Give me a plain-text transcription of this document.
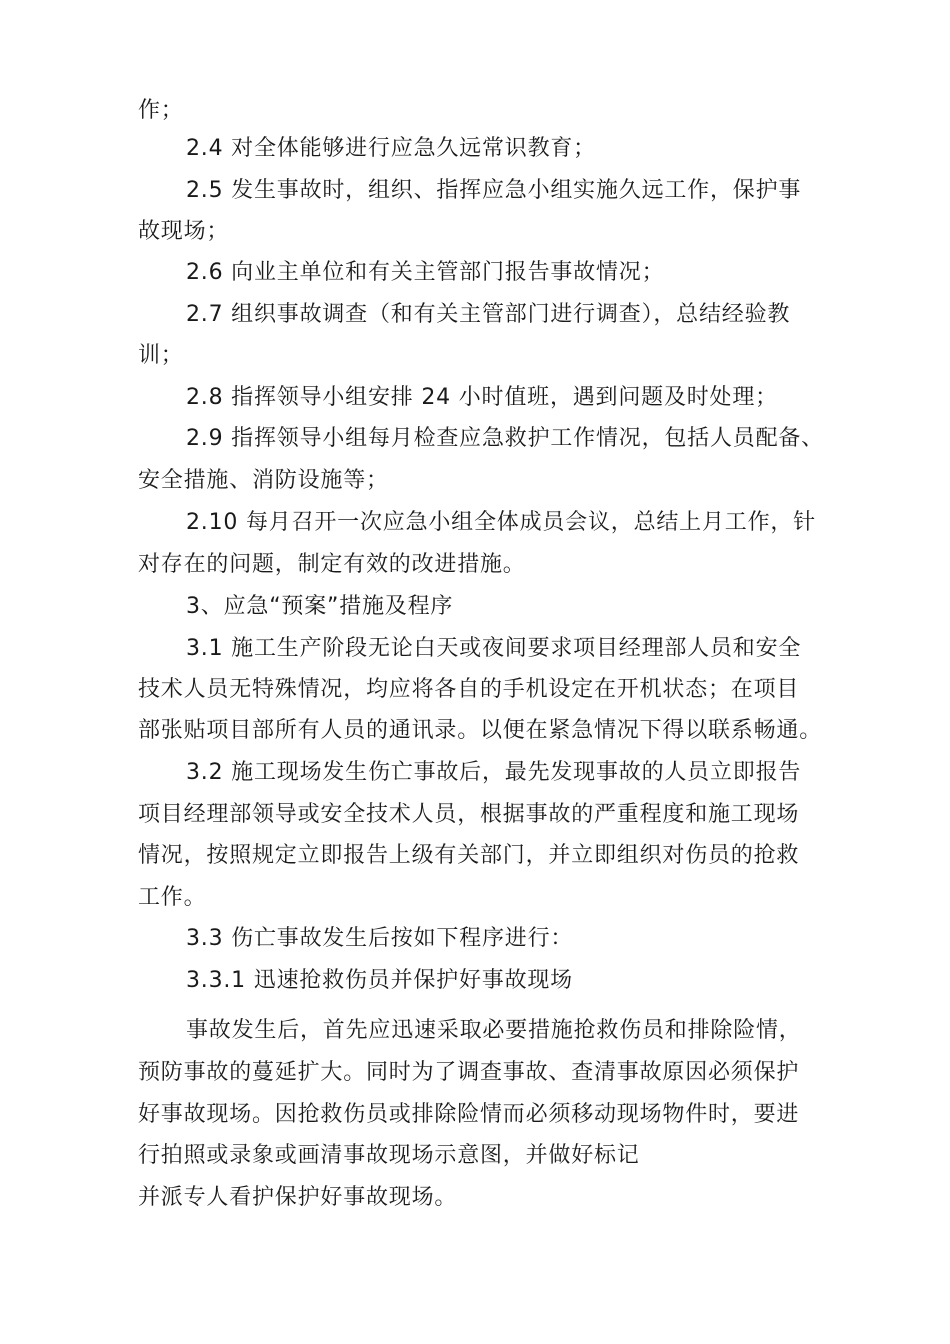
作；
2.4 对全体能够进行应急久远常识教育；
2.5 发生事故时，组织、指挥应急小组实施久远工作，保护事
故现场；
2.6 向业主单位和有关主管部门报告事故情况；
2.7 组织事故调查（和有关主管部门进行调查），总结经验教
训；
2.8 指挥领导小组安排 24 小时值班，遇到问题及时处理；
2.9 指挥领导小组每月检查应急救护工作情况，包括人员配备、
安全措施、消防设施等；
2.10 每月召开一次应急小组全体成员会议，总结上月工作，针
对存在的问题，制定有效的改进措施。
3、应急“预案”措施及程序
3.1 施工生产阶段无论白天或夜间要求项目经理部人员和安全
技术人员无特殊情况，均应将各自的手机设定在开机状态；在项目
部张贴项目部所有人员的通讯录。以便在紧急情况下得以联系畅通。
3.2 施工现场发生伤亡事故后，最先发现事故的人员立即报告
项目经理部领导或安全技术人员，根据事故的严重程度和施工现场
情况，按照规定立即报告上级有关部门，并立即组织对伤员的抢救
工作。
3.3 伤亡事故发生后按如下程序进行：
3.3.1 迅速抢救伤员并保护好事故现场
事故发生后，首先应迅速采取必要措施抢救伤员和排除险情，
预防事故的蔓延扩大。同时为了调查事故、查清事故原因必须保护
好事故现场。因抢救伤员或排除险情而必须移动现场物件时，要进
行拍照或录象或画清事故现场示意图，并做好标记
并派专人看护保护好事故现场。
